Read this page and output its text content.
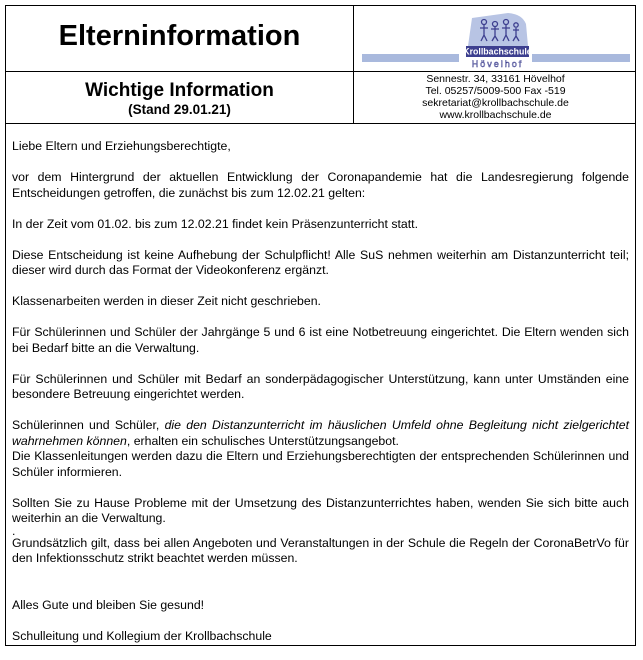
Elterninformation
Wichtige Information
(Stand 29.01.21)
Krollbachschule
Hövelhof
Sennestr. 34, 33161 Hövelhof
Tel. 05257/5009-500 Fax -519
sekretariat@krollbachschule.de
www.krollbachschule.de

Liebe Eltern und Erziehungsberechtigte,

vor dem Hintergrund der aktuellen Entwicklung der Coronapandemie hat die Landesregierung folgende Entscheidungen getroffen, die zunächst bis zum 12.02.21 gelten:

In der Zeit vom 01.02. bis zum 12.02.21 findet kein Präsenzunterricht statt.

Diese Entscheidung ist keine Aufhebung der Schulpflicht! Alle SuS nehmen weiterhin am Distanzunterricht teil; dieser wird durch das Format der Videokonferenz ergänzt.

Klassenarbeiten werden in dieser Zeit nicht geschrieben.

Für Schülerinnen und Schüler der Jahrgänge 5 und 6 ist eine Notbetreuung eingerichtet. Die Eltern wenden sich bei Bedarf bitte an die Verwaltung.

Für Schülerinnen und Schüler mit Bedarf an sonderpädagogischer Unterstützung, kann unter Umständen eine besondere Betreuung eingerichtet werden.

Schülerinnen und Schüler, die den Distanzunterricht im häuslichen Umfeld ohne Begleitung nicht zielgerichtet wahrnehmen können, erhalten ein schulisches Unterstützungsangebot.

Die Klassenleitungen werden dazu die Eltern und Erziehungsberechtigten der entsprechenden Schülerinnen und Schüler informieren.

Sollten Sie zu Hause Probleme mit der Umsetzung des Distanzunterrichtes haben, wenden Sie sich bitte auch weiterhin an die Verwaltung.

.

Grundsätzlich gilt, dass bei allen Angeboten und Veranstaltungen in der Schule die Regeln der CoronaBetrVo für den Infektionsschutz strikt beachtet werden müssen.

Alles Gute und bleiben Sie gesund!

Schulleitung und Kollegium der Krollbachschule
